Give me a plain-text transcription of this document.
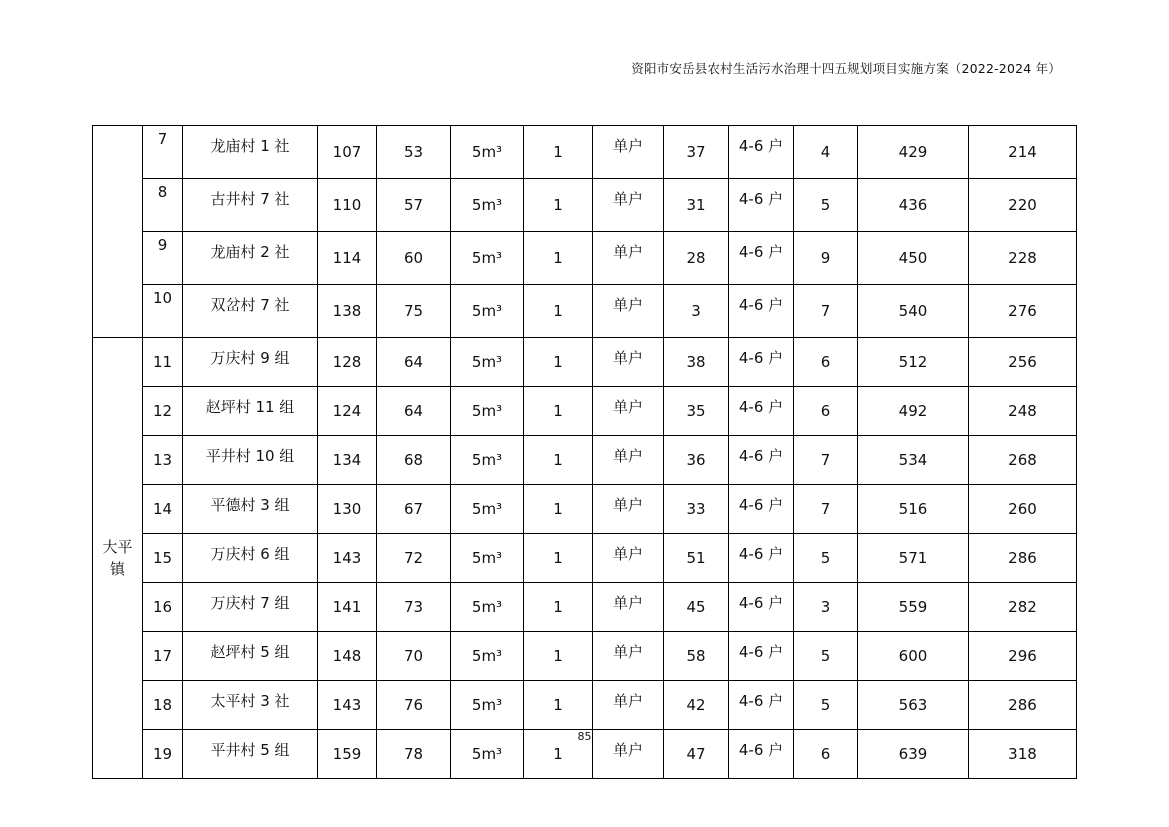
资阳市安岳县农村生活污水治理十四五规划项目实施方案（2022-2024 年）
	7	龙庙村 1 社	107	53	5m³	1	单户	37	4-6 户	4	429	214
	8	古井村 7 社	110	57	5m³	1	单户	31	4-6 户	5	436	220
	9	龙庙村 2 社	114	60	5m³	1	单户	28	4-6 户	9	450	228
	10	双岔村 7 社	138	75	5m³	1	单户	3	4-6 户	7	540	276
大平镇	11	万庆村 9 组	128	64	5m³	1	单户	38	4-6 户	6	512	256
	12	赵坪村 11 组	124	64	5m³	1	单户	35	4-6 户	6	492	248
	13	平井村 10 组	134	68	5m³	1	单户	36	4-6 户	7	534	268
	14	平德村 3 组	130	67	5m³	1	单户	33	4-6 户	7	516	260
	15	万庆村 6 组	143	72	5m³	1	单户	51	4-6 户	5	571	286
	16	万庆村 7 组	141	73	5m³	1	单户	45	4-6 户	3	559	282
	17	赵坪村 5 组	148	70	5m³	1	单户	58	4-6 户	5	600	296
	18	太平村 3 社	143	76	5m³	1	单户	42	4-6 户	5	563	286
	19	平井村 5 组	159	78	5m³	1	单户	47	4-6 户	6	639	318
85
